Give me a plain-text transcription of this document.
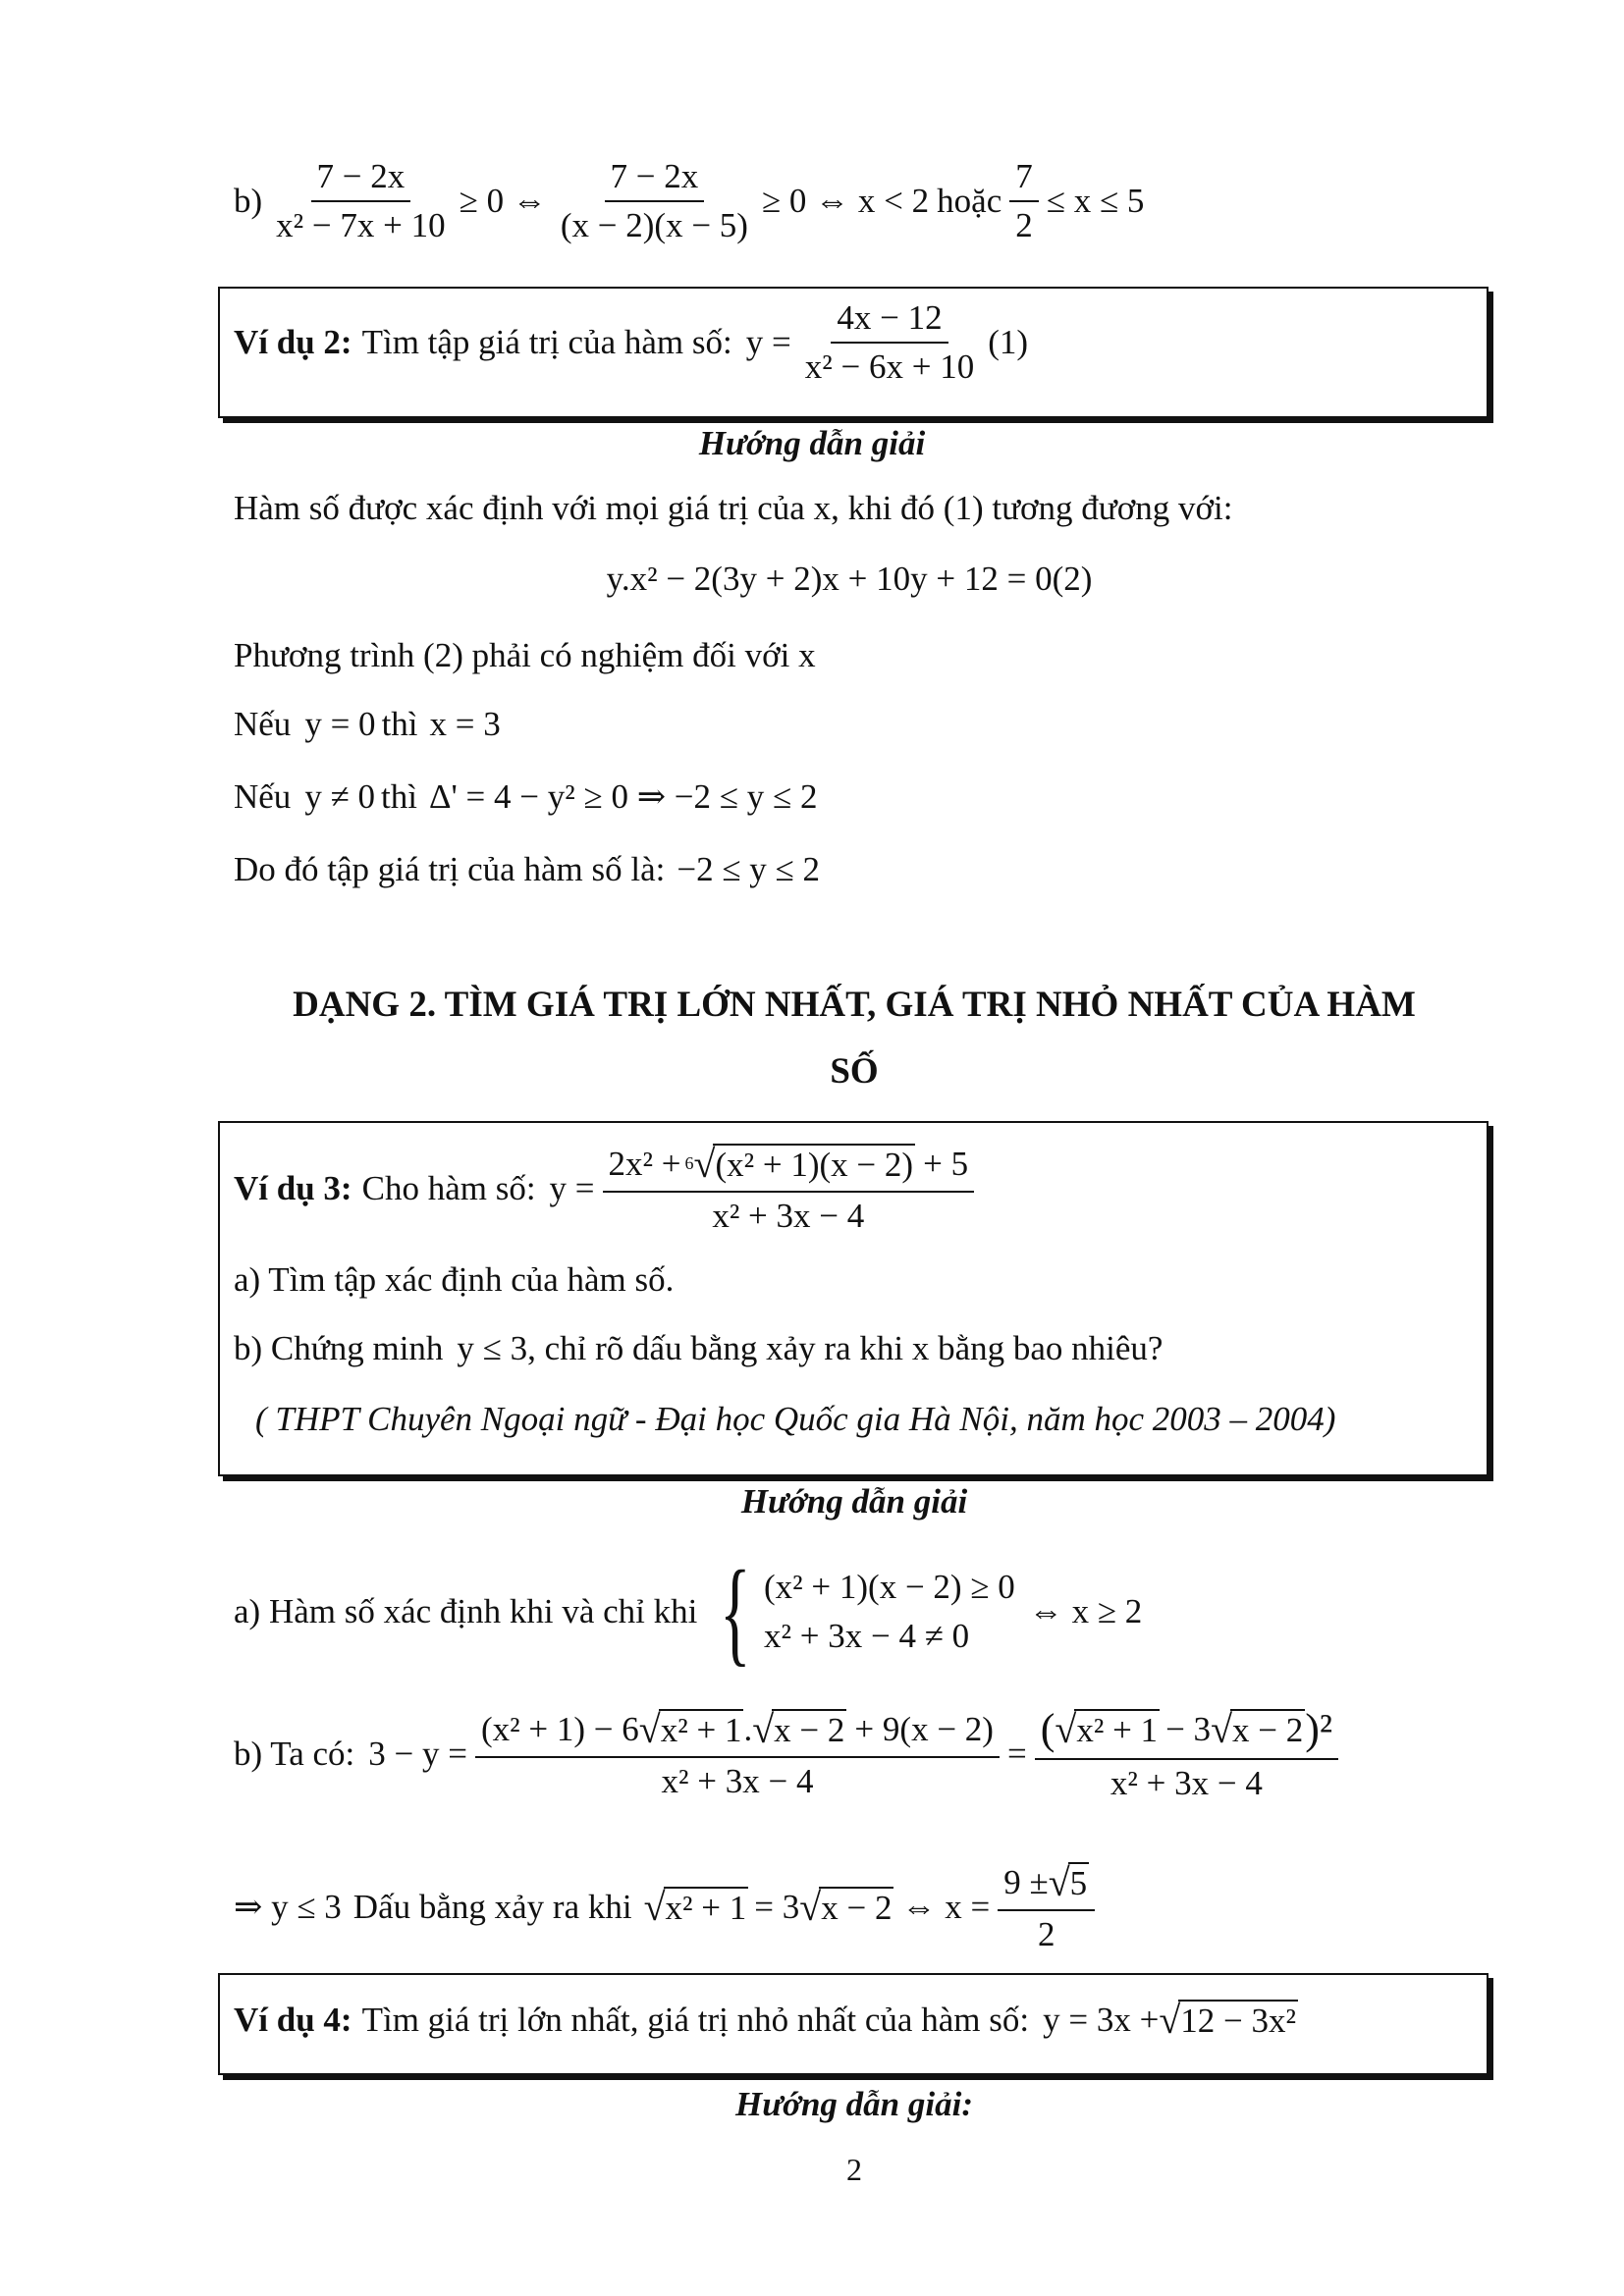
$b) \frac{7 - 2x}{\text{x² − 7x + 10}} \ge 0$ ⇔ $\frac{7 - 2x}{(x - 2)(x - 5)} \ge 0$ ⇔ x < 2 hoặc $\frac{7}{2} \le x \le 5$
Ví dụ 2: Tìm tập giá trị của hàm số: $y = \frac{4x - 12}{\text{x² − 6x + 10}} (1)$
Hướng dẫn giải
Hàm số được xác định với mọi giá trị của x, khi đó (1) tương đương với:
y.x² − 2(3y + 2)x + 10y + 12 = 0(2)
Phương trình (2) phải có nghiệm đối với x
Nếu y = 0 thì x = 3
Nếu y ≠ 0 thì Δ' = 4 − y² ≥ 0 ⇒ −2 ≤ y ≤ 2
Do đó tập giá trị của hàm số là: −2 ≤ y ≤ 2
DẠNG 2. TÌM GIÁ TRỊ LỚN NHẤT, GIÁ TRỊ NHỎ NHẤT CỦA HÀM
SỐ
Ví dụ 3: Cho hàm số: y =
2x² + 6 √ (x² + 1)(x − 2) + 5
x² + 3x − 4
a) Tìm tập xác định của hàm số.
b) Chứng minh y ≤ 3 , chỉ rõ dấu bằng xảy ra khi x bằng bao nhiêu?
( THPT Chuyên Ngoại ngữ - Đại học Quốc gia Hà Nội, năm học 2003 – 2004)
Hướng dẫn giải
a) Hàm số xác định khi và chỉ khi { (x² + 1)(x − 2) ≥ 0
x² + 3x − 4 ≠ 0
⇔ x ≥ 2
b) Ta có: 3 − y =
(x² + 1) − 6 √ x² + 1 . √ x − 2 + 9(x − 2)
x² + 3x − 4
= ( √ x² + 1 − 3 √ x − 2 )²
x² + 3x − 4
⇒ y ≤ 3 Dấu bằng xảy ra khi √ x² + 1 = 3 √ x − 2 ⇔ $x = \frac{9 \pm √ 5}{2}$
Ví dụ 4: Tìm giá trị lớn nhất, giá trị nhỏ nhất của hàm số: y = 3x + √ 12 − 3x²
Hướng dẫn giải:
2
